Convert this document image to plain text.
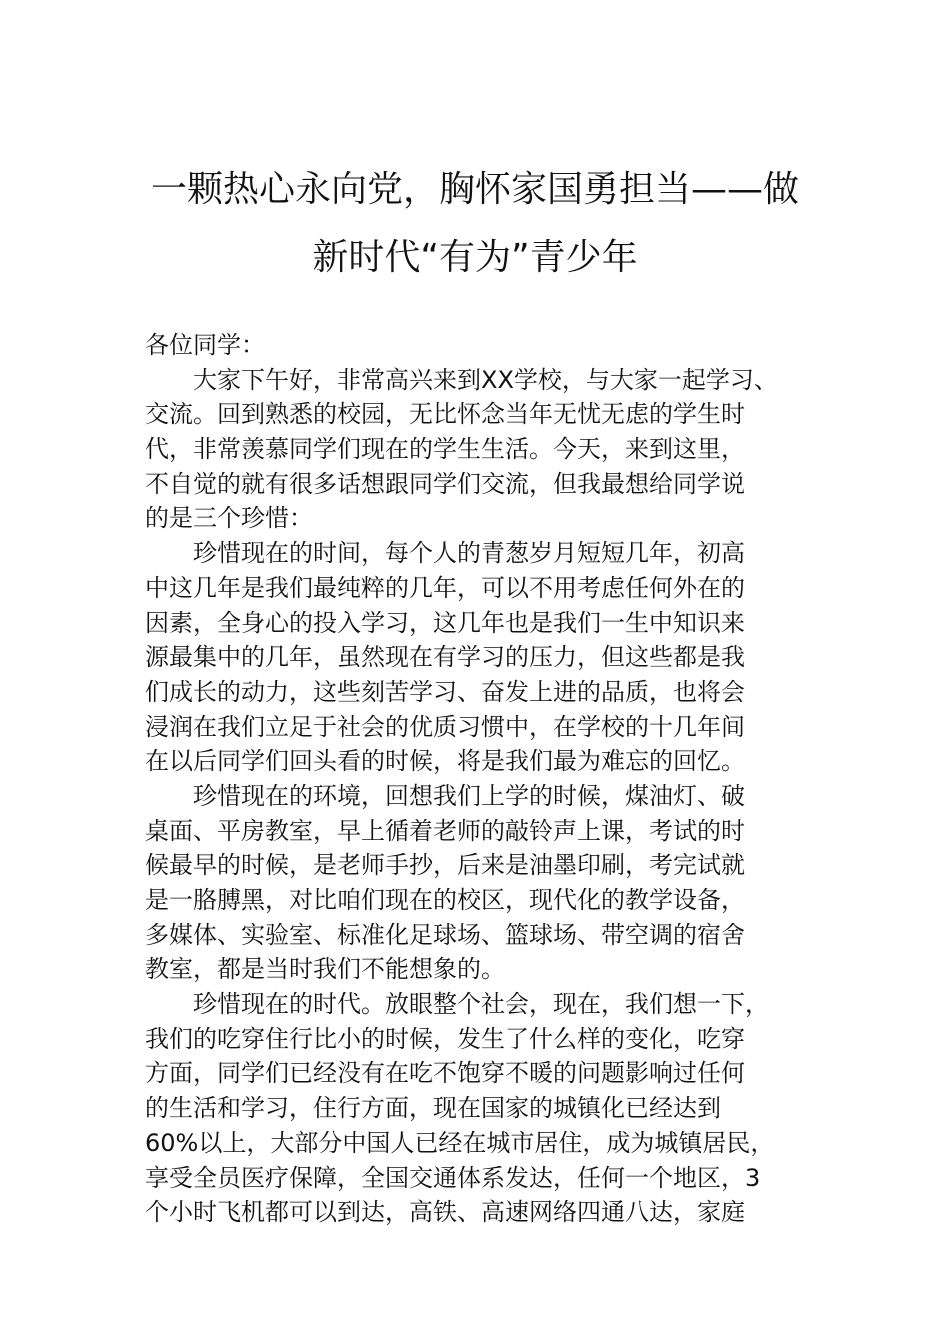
一颗热心永向党，胸怀家国勇担当——做
新时代“有为”青少年

各位同学：

大家下午好，非常高兴来到XX学校，与大家一起学习、

交流。回到熟悉的校园，无比怀念当年无忧无虑的学生时

代，非常羡慕同学们现在的学生生活。今天，来到这里，

不自觉的就有很多话想跟同学们交流，但我最想给同学说

的是三个珍惜：

珍惜现在的时间，每个人的青葱岁月短短几年，初高

中这几年是我们最纯粹的几年，可以不用考虑任何外在的

因素，全身心的投入学习，这几年也是我们一生中知识来

源最集中的几年，虽然现在有学习的压力，但这些都是我

们成长的动力，这些刻苦学习、奋发上进的品质，也将会

浸润在我们立足于社会的优质习惯中，在学校的十几年间

在以后同学们回头看的时候，将是我们最为难忘的回忆。

珍惜现在的环境，回想我们上学的时候，煤油灯、破

桌面、平房教室，早上循着老师的敲铃声上课，考试的时

候最早的时候，是老师手抄，后来是油墨印刷，考完试就

是一胳膊黑，对比咱们现在的校区，现代化的教学设备，

多媒体、实验室、标准化足球场、篮球场、带空调的宿舍

教室，都是当时我们不能想象的。

珍惜现在的时代。放眼整个社会，现在，我们想一下，

我们的吃穿住行比小的时候，发生了什么样的变化，吃穿

方面，同学们已经没有在吃不饱穿不暖的问题影响过任何

的生活和学习，住行方面，现在国家的城镇化已经达到

60%以上，大部分中国人已经在城市居住，成为城镇居民，

享受全员医疗保障，全国交通体系发达，任何一个地区，3

个小时飞机都可以到达，高铁、高速网络四通八达，家庭
